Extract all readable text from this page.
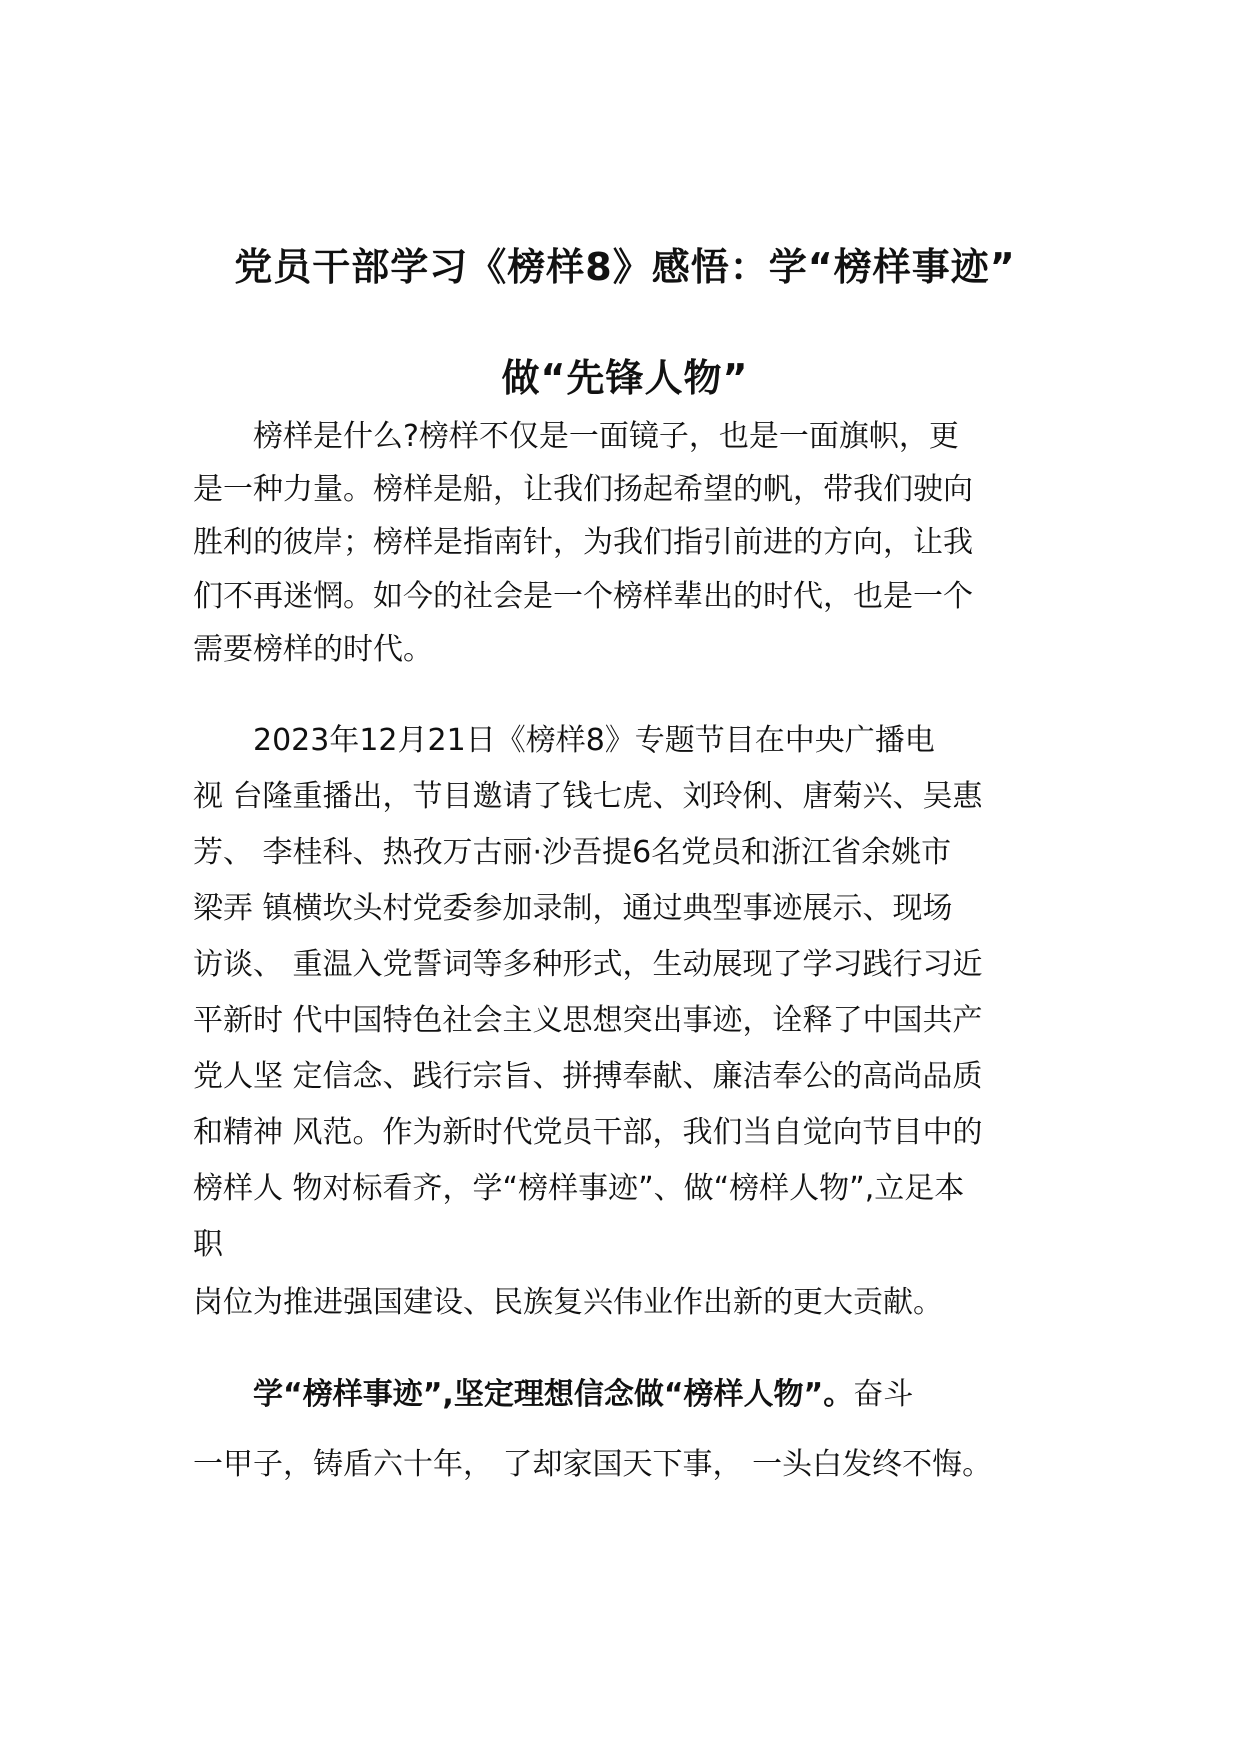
党员干部学习《榜样8》感悟：学“榜样事迹”
做“先锋人物”

榜样是什么?榜样不仅是一面镜子，也是一面旗帜，更

是一种力量。榜样是船，让我们扬起希望的帆，带我们驶向

胜利的彼岸；榜样是指南针，为我们指引前进的方向，让我

们不再迷惘。如今的社会是一个榜样辈出的时代，也是一个

需要榜样的时代。

2023年12月21日《榜样8》专题节目在中央广播电

视 台隆重播出，节目邀请了钱七虎、刘玲俐、唐菊兴、吴惠

芳、 李桂科、热孜万古丽·沙吾提6名党员和浙江省余姚市

梁弄 镇横坎头村党委参加录制，通过典型事迹展示、现场

访谈、 重温入党誓词等多种形式，生动展现了学习践行习近

平新时 代中国特色社会主义思想突出事迹，诠释了中国共产

党人坚 定信念、践行宗旨、拼搏奉献、廉洁奉公的高尚品质

和精神 风范。作为新时代党员干部，我们当自觉向节目中的

榜样人 物对标看齐，学“榜样事迹”、做“榜样人物”,立足本

职

岗位为推进强国建设、民族复兴伟业作出新的更大贡献。

学“榜样事迹”,坚定理想信念做“榜样人物”。奋斗

一甲子，铸盾六十年， 了却家国天下事， 一头白发终不悔。
